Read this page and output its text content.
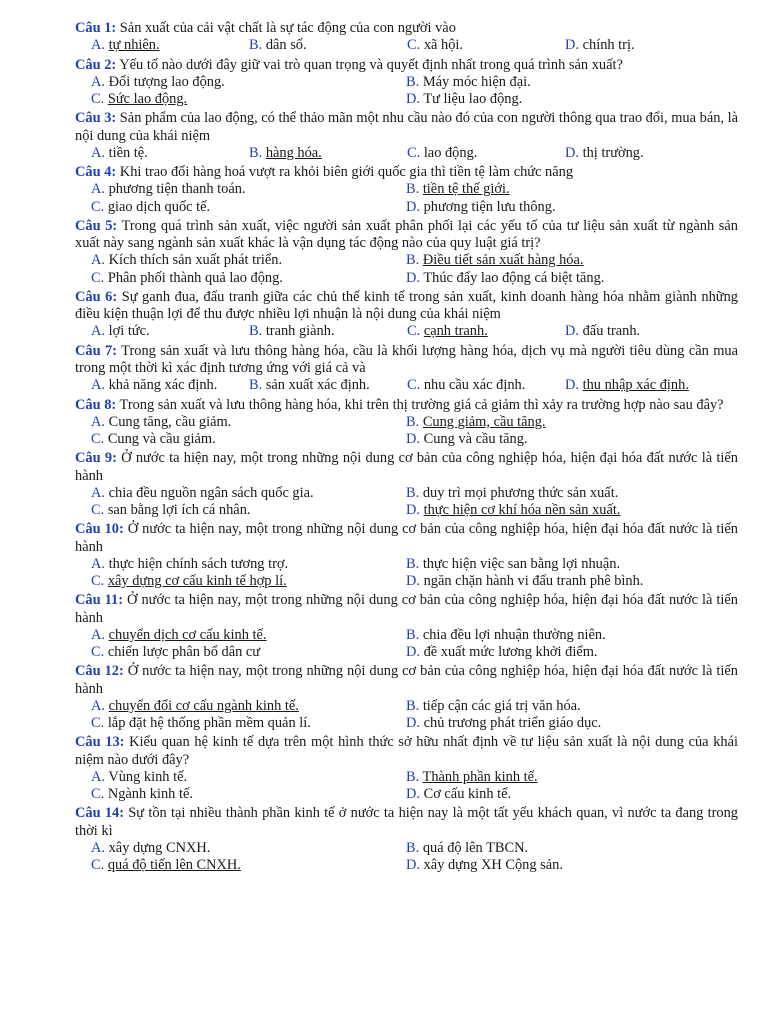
Câu 1: Sản xuất của cải vật chất là sự tác động của con người vào

A. tự nhiên.	B. dân số.	C. xã hội.	D. chính trị.

Câu 2: Yếu tố nào dưới đây giữ vai trò quan trọng và quyết định nhất trong quá trình sản xuất?

A. Đối tượng lao động.	B. Máy móc hiện đại.
C. Sức lao động.	D. Tư liệu lao động.

Câu 3: Sản phẩm của lao động, có thể thảo mãn một nhu cầu nào đó của con người thông qua trao đổi, mua bán, là nội dung của khái niệm

A. tiền tệ.	B. hàng hóa.	C. lao động.	D. thị trường.

Câu 4: Khi trao đổi hàng hoá vượt ra khỏi biên giới quốc gia thì tiền tệ làm chức năng

A. phương tiện thanh toán.	B. tiền tệ thế giới.
C. giao dịch quốc tế.	D. phương tiện lưu thông.

Câu 5: Trong quá trình sản xuất, việc người sản xuất phân phối lại các yếu tố của tư liệu sản xuất từ ngành sản xuất này sang ngành sản xuất khác là vận dụng tác động nào của quy luật giá trị?

A. Kích thích sản xuất phát triển.	B. Điều tiết sản xuất hàng hóa.
C. Phân phối thành quả lao động.	D. Thúc đẩy lao động cá biệt tăng.

Câu 6: Sự ganh đua, đấu tranh giữa các chủ thể kinh tế trong sản xuất, kinh doanh hàng hóa nhằm giành những điều kiện thuận lợi để thu được nhiều lợi nhuận là nội dung của khái niệm

A. lợi tức.	B. tranh giành.	C. cạnh tranh.	D. đấu tranh.

Câu 7: Trong sản xuất và lưu thông hàng hóa, cầu là khối lượng hàng hóa, dịch vụ mà người tiêu dùng cần mua trong một thời kì xác định tương ứng với giá cả và

A. khả năng xác định.	B. sản xuất xác định.	C. nhu cầu xác định.	D. thu nhập xác định.

Câu 8: Trong sản xuất và lưu thông hàng hóa, khi trên thị trường giá cả giảm thì xảy ra trường hợp nào sau đây?

A. Cung tăng, cầu giảm.	B. Cung giảm, cầu tăng.
C. Cung và cầu giảm.	D. Cung và cầu tăng.

Câu 9: Ở nước ta hiện nay, một trong những nội dung cơ bản của công nghiệp hóa, hiện đại hóa đất nước là tiến hành

A. chia đều nguồn ngân sách quốc gia.	B. duy trì mọi phương thức sản xuất.
C. san bằng lợi ích cá nhân.	D. thực hiện cơ khí hóa nền sản xuất.

Câu 10: Ở nước ta hiện nay, một trong những nội dung cơ bản của công nghiệp hóa, hiện đại hóa đất nước là tiến hành

A. thực hiện chính sách tương trợ.	B. thực hiện việc san bằng lợi nhuận.
C. xây dựng cơ cấu kinh tế hợp lí.	D. ngăn chặn hành vi đấu tranh phê bình.

Câu 11: Ở nước ta hiện nay, một trong những nội dung cơ bản của công nghiệp hóa, hiện đại hóa đất nước là tiến hành

A. chuyển dịch cơ cấu kinh tế.	B. chia đều lợi nhuận thường niên.
C. chiến lược phân bổ dân cư	D. đề xuất mức lương khởi điểm.

Câu 12: Ở nước ta hiện nay, một trong những nội dung cơ bản của công nghiệp hóa, hiện đại hóa đất nước là tiến hành

A. chuyển đổi cơ cấu ngành kinh tế.	B. tiếp cận các giá trị văn hóa.
C. lắp đặt hệ thống phần mềm quản lí.	D. chủ trương phát triển giáo dục.

Câu 13: Kiểu quan hệ kinh tế dựa trên một hình thức sở hữu nhất định về tư liệu sản xuất là nội dung của khái niệm nào dưới đây?

A. Vùng kinh tế.	B. Thành phần kinh tế.
C. Ngành kinh tế.	D. Cơ cấu kinh tế.

Câu 14: Sự tồn tại nhiều thành phần kinh tế ở nước ta hiện nay là một tất yếu khách quan, vì nước ta đang trong thời kì

A. xây dựng CNXH.	B. quá độ lên TBCN.
C. quá độ tiến lên CNXH.	D. xây dựng XH Cộng sản.
